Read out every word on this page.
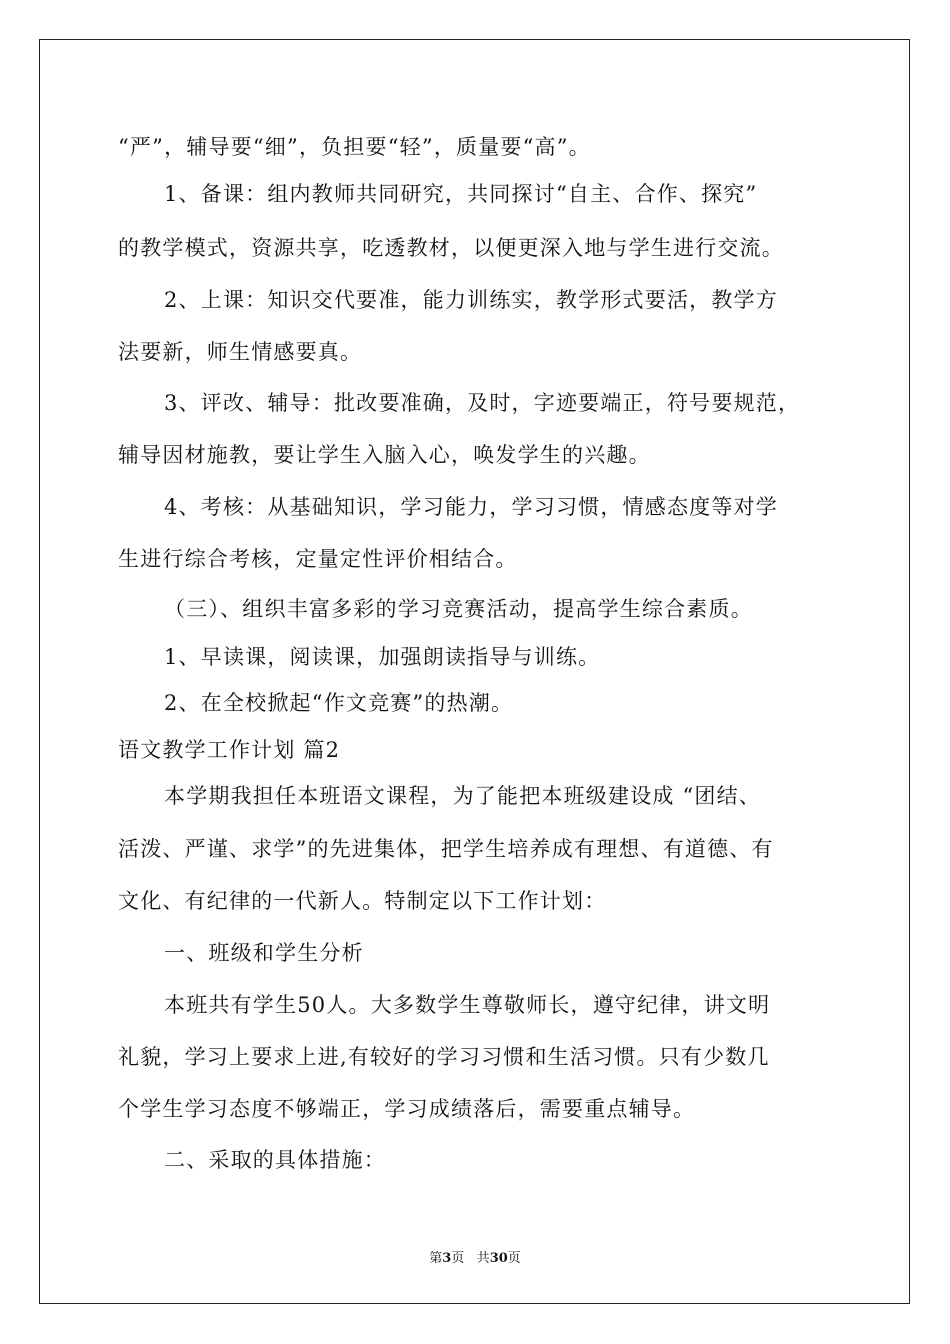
“严”，辅导要“细”，负担要“轻”，质量要“高”。
1、备课：组内教师共同研究，共同探讨“自主、合作、探究”
的教学模式，资源共享，吃透教材，以便更深入地与学生进行交流。
2、上课：知识交代要准，能力训练实，教学形式要活，教学方
法要新，师生情感要真。
3、评改、辅导：批改要准确，及时，字迹要端正，符号要规范，
辅导因材施教，要让学生入脑入心，唤发学生的兴趣。
4、考核：从基础知识，学习能力，学习习惯，情感态度等对学
生进行综合考核，定量定性评价相结合。
（三）、组织丰富多彩的学习竞赛活动，提高学生综合素质。
1、早读课，阅读课，加强朗读指导与训练。
2、在全校掀起“作文竞赛”的热潮。
语文教学工作计划 篇2
本学期我担任本班语文课程，为了能把本班级建设成 “团结、
活泼、严谨、求学”的先进集体，把学生培养成有理想、有道德、有
文化、有纪律的一代新人。特制定以下工作计划：
一、班级和学生分析
本班共有学生50人。大多数学生尊敬师长，遵守纪律，讲文明
礼貌，学习上要求上进,有较好的学习习惯和生活习惯。只有少数几
个学生学习态度不够端正，学习成绩落后，需要重点辅导。
二、采取的具体措施：
第3页 共30页
